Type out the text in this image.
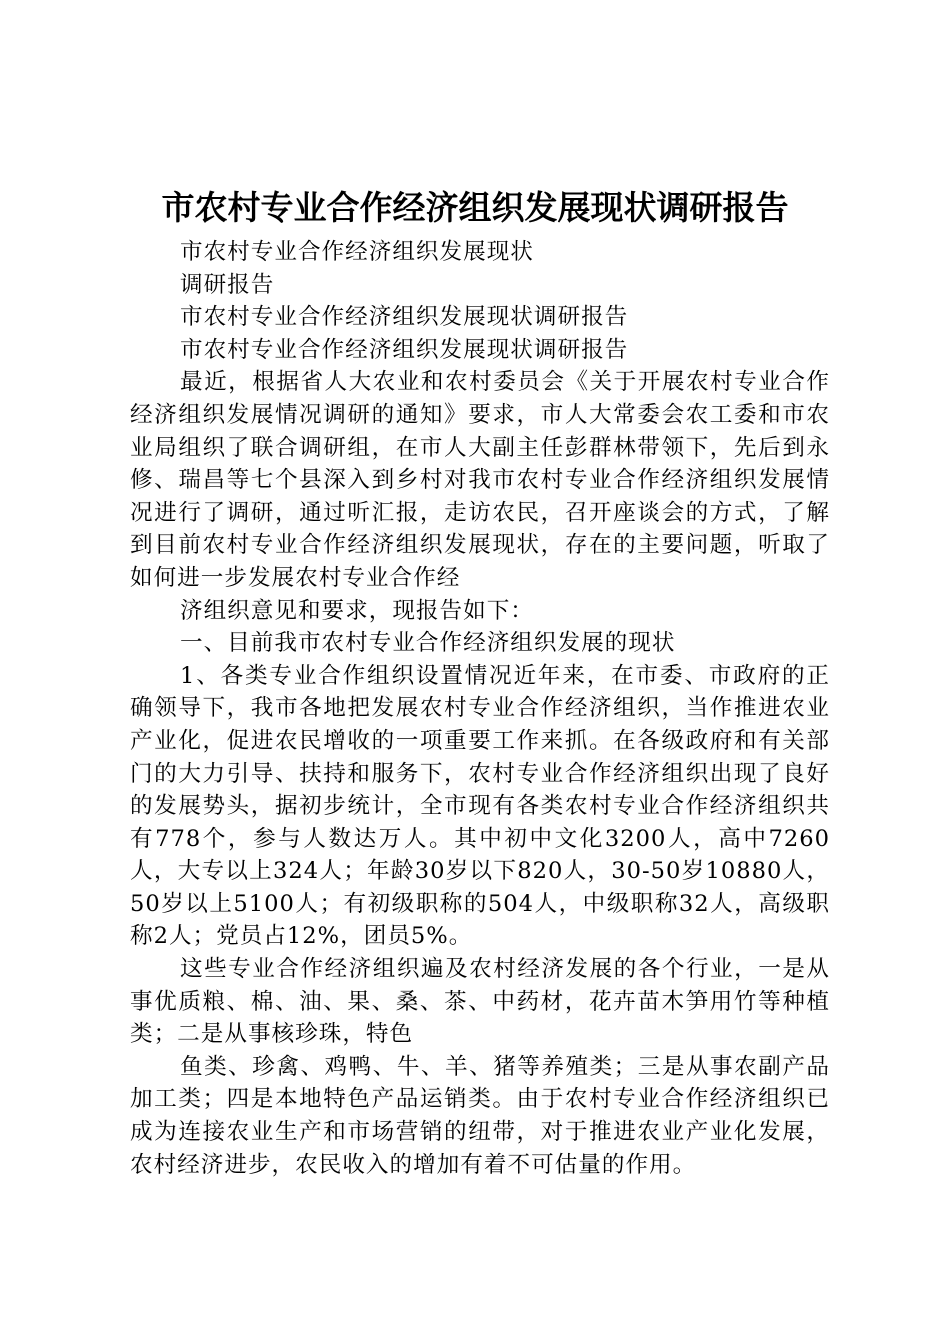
市农村专业合作经济组织发展现状调研报告

市农村专业合作经济组织发展现状

调研报告

市农村专业合作经济组织发展现状调研报告

市农村专业合作经济组织发展现状调研报告

最近，根据省人大农业和农村委员会《关于开展农村专业合作经济组织发展情况调研的通知》要求，市人大常委会农工委和市农业局组织了联合调研组，在市人大副主任彭群林带领下，先后到永修、瑞昌等七个县深入到乡村对我市农村专业合作经济组织发展情况进行了调研，通过听汇报，走访农民，召开座谈会的方式，了解到目前农村专业合作经济组织发展现状，存在的主要问题，听取了如何进一步发展农村专业合作经

济组织意见和要求，现报告如下：

一、目前我市农村专业合作经济组织发展的现状

1、各类专业合作组织设置情况近年来，在市委、市政府的正确领导下，我市各地把发展农村专业合作经济组织，当作推进农业产业化，促进农民增收的一项重要工作来抓。在各级政府和有关部门的大力引导、扶持和服务下，农村专业合作经济组织出现了良好的发展势头，据初步统计，全市现有各类农村专业合作经济组织共有778个，参与人数达万人。其中初中文化3200人，高中7260人，大专以上324人；年龄30岁以下820人，30-50岁10880人，50岁以上5100人；有初级职称的504人，中级职称32人，高级职称2人；党员占12%，团员5%。

这些专业合作经济组织遍及农村经济发展的各个行业，一是从事优质粮、棉、油、果、桑、茶、中药材，花卉苗木笋用竹等种植类；二是从事核珍珠，特色

鱼类、珍禽、鸡鸭、牛、羊、猪等养殖类；三是从事农副产品加工类；四是本地特色产品运销类。由于农村专业合作经济组织已成为连接农业生产和市场营销的纽带，对于推进农业产业化发展，农村经济进步，农民收入的增加有着不可估量的作用。
